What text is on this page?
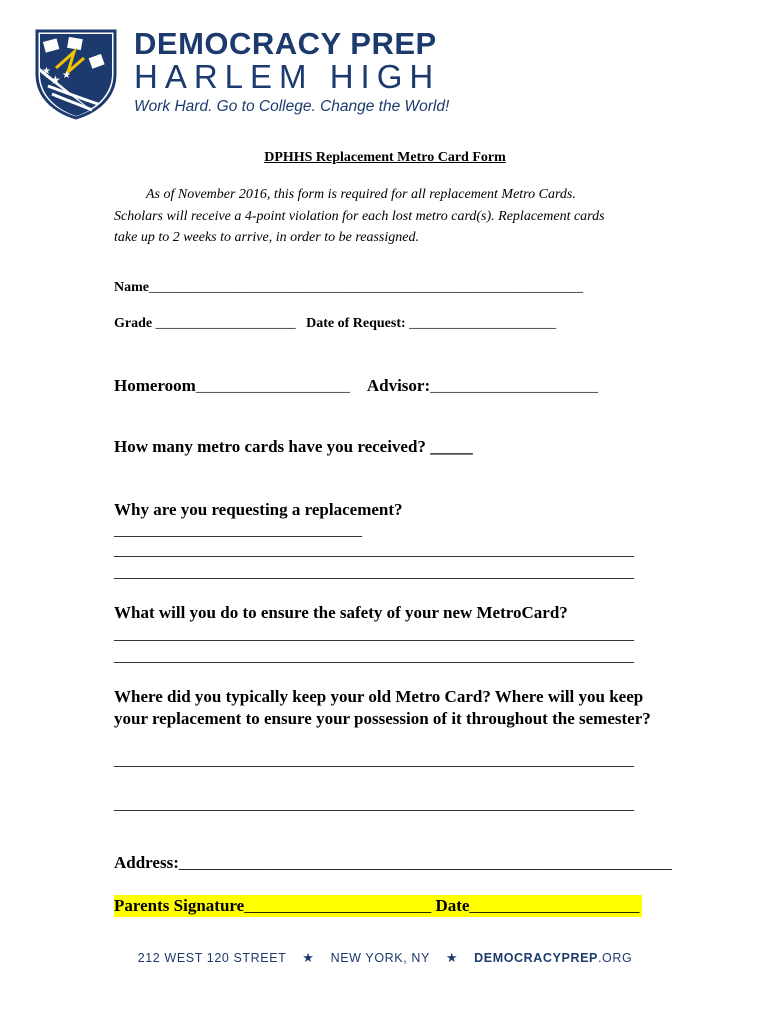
★ ★
★
DEMOCRACY PREP
HARLEM HIGH
Work Hard. Go to College. Change the World!
DPHHS Replacement Metro Card Form
As of November 2016, this form is required for all replacement Metro Cards.
Scholars will receive a 4-point violation for each lost metro card(s). Replacement cards
take up to 2 weeks to arrive, in order to be reassigned.
Name______________________________________________________________
Grade ____________________ Date of Request: _____________________
Homeroom______________________ Advisor:________________________
How many metro cards have you received? _____
Why are you requesting a replacement?
_______________________________
_________________________________________________________________
_________________________________________________________________
What will you do to ensure the safety of your new MetroCard?
_________________________________________________________________
_________________________________________________________________
Where did you typically keep your old Metro Card? Where will you keep your replacement to ensure your possession of it throughout the semester?
_________________________________________________________________
_________________________________________________________________
Address:__________________________________________________________
Parents Signature______________________ Date____________________
212 WEST 120 STREET ★ NEW YORK, NY ★ DEMOCRACYPREP.ORG
